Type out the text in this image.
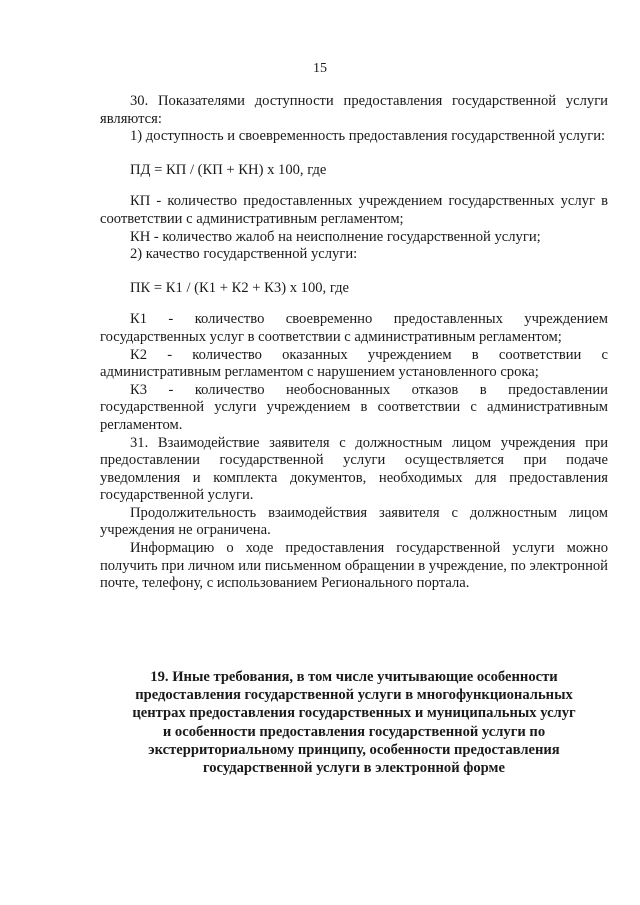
15

30. Показателями доступности предоставления государственной услуги являются:

1) доступность и своевременность предоставления государственной услуги:

ПД = КП / (КП + КН) х 100, где

КП - количество предоставленных учреждением государственных услуг в соответствии с административным регламентом;

КН - количество жалоб на неисполнение государственной услуги;

2) качество государственной услуги:

ПК = К1 / (К1 + К2 + К3) х 100, где

К1 - количество своевременно предоставленных учреждением государственных услуг в соответствии с административным регламентом;

К2 - количество оказанных учреждением в соответствии с административным регламентом с нарушением установленного срока;

К3 - количество необоснованных отказов в предоставлении государственной услуги учреждением в соответствии с административным регламентом.

31. Взаимодействие заявителя с должностным лицом учреждения при предоставлении государственной услуги осуществляется при подаче уведомления и комплекта документов, необходимых для предоставления государственной услуги.

Продолжительность взаимодействия заявителя с должностным лицом учреждения не ограничена.

Информацию о ходе предоставления государственной услуги можно получить при личном или письменном обращении в учреждение, по электронной почте, телефону, с использованием Регионального портала.

19. Иные требования, в том числе учитывающие особенности
предоставления государственной услуги в многофункциональных
центрах предоставления государственных и муниципальных услуг
и особенности предоставления государственной услуги по
экстерриториальному принципу, особенности предоставления
государственной услуги в электронной форме
